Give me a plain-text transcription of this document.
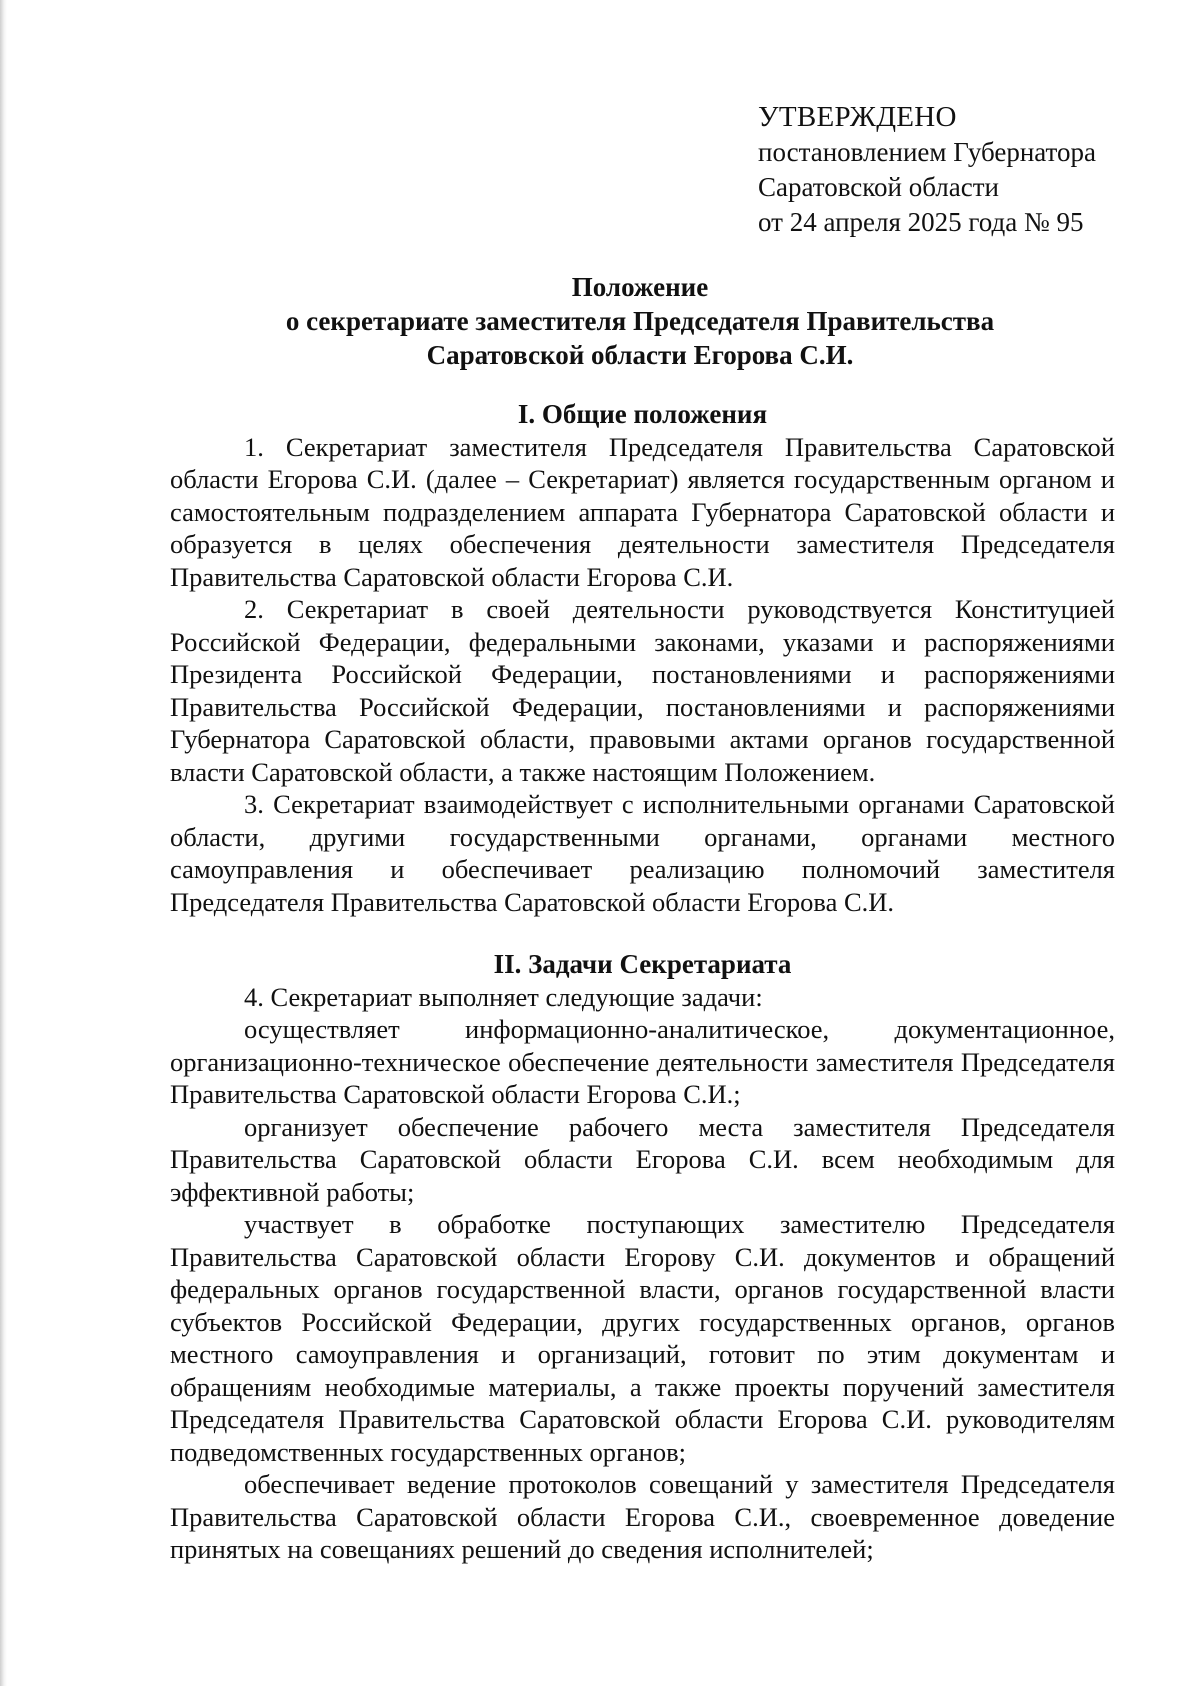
УТВЕРЖДЕНО
постановлением Губернатора
Саратовской области
от 24 апреля 2025 года № 95
Положение
о секретариате заместителя Председателя Правительства
Саратовской области Егорова С.И.
I. Общие положения

1. Секретариат заместителя Председателя Правительства Саратовской области Егорова С.И. (далее – Секретариат) является государственным органом и самостоятельным подразделением аппарата Губернатора Саратовской области и образуется в целях обеспечения деятельности заместителя Председателя Правительства Саратовской области Егорова С.И.

2. Секретариат в своей деятельности руководствуется Конституцией Российской Федерации, федеральными законами, указами и распоряжениями Президента Российской Федерации, постановлениями и распоряжениями Правительства Российской Федерации, постановлениями и распоряжениями Губернатора Саратовской области, правовыми актами органов государственной власти Саратовской области, а также настоящим Положением.

3. Секретариат взаимодействует с исполнительными органами Саратовской области, другими государственными органами, органами местного самоуправления и обеспечивает реализацию полномочий заместителя Председателя Правительства Саратовской области Егорова С.И.

II. Задачи Секретариата

4. Секретариат выполняет следующие задачи:

осуществляет информационно-аналитическое, документационное, организационно-техническое обеспечение деятельности заместителя Председателя Правительства Саратовской области Егорова С.И.;

организует обеспечение рабочего места заместителя Председателя Правительства Саратовской области Егорова С.И. всем необходимым для эффективной работы;

участвует в обработке поступающих заместителю Председателя Правительства Саратовской области Егорову С.И. документов и обращений федеральных органов государственной власти, органов государственной власти субъектов Российской Федерации, других государственных органов, органов местного самоуправления и организаций, готовит по этим документам и обращениям необходимые материалы, а также проекты поручений заместителя Председателя Правительства Саратовской области Егорова С.И. руководителям подведомственных государственных органов;

обеспечивает ведение протоколов совещаний у заместителя Председателя Правительства Саратовской области Егорова С.И., своевременное доведение принятых на совещаниях решений до сведения исполнителей;
